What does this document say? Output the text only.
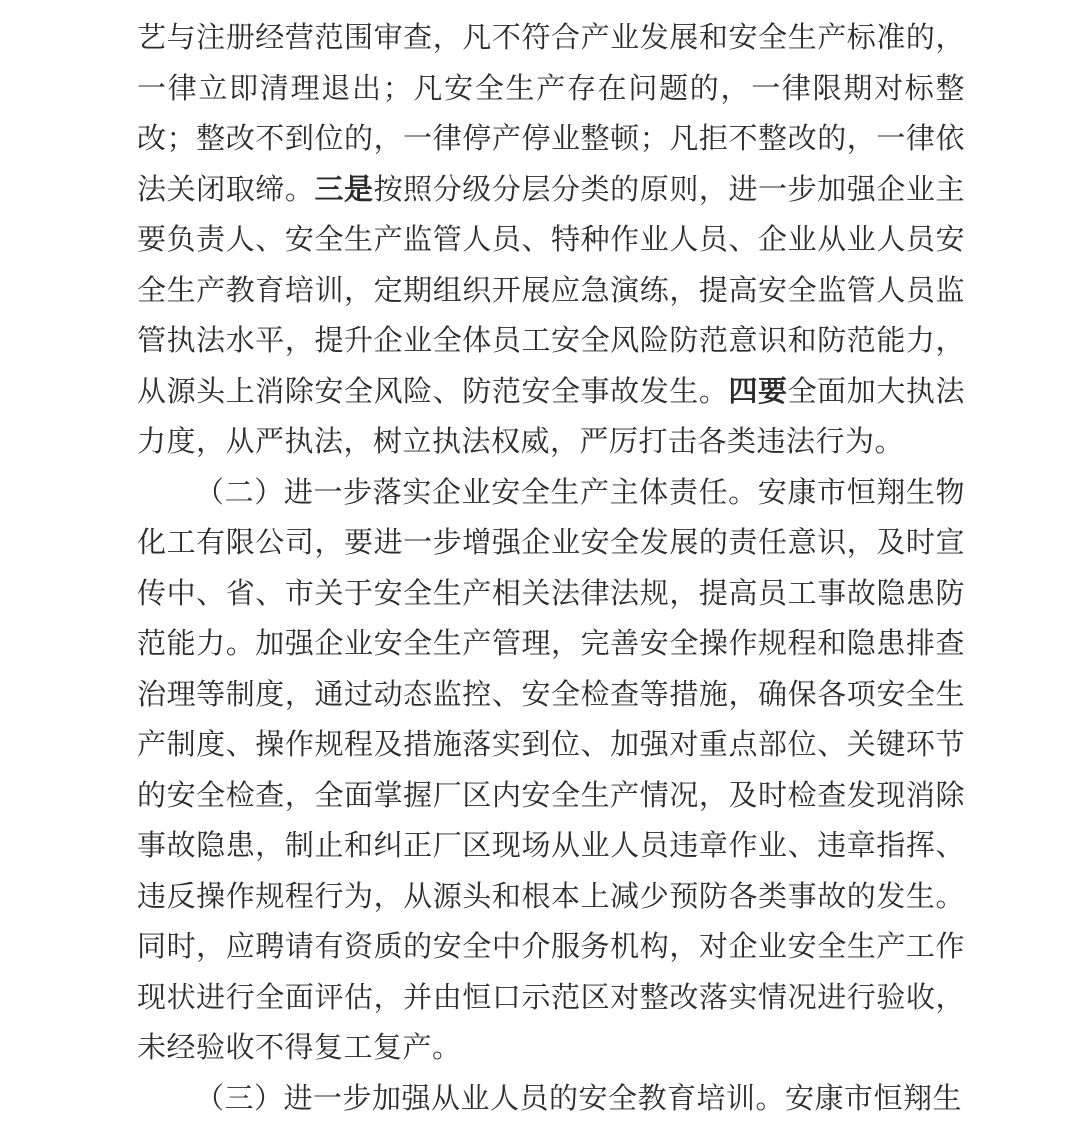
艺与注册经营范围审查，凡不符合产业发展和安全生产标准的，一律立即清理退出；凡安全生产存在问题的，一律限期对标整改；整改不到位的，一律停产停业整顿；凡拒不整改的，一律依法关闭取缔。三是按照分级分层分类的原则，进一步加强企业主要负责人、安全生产监管人员、特种作业人员、企业从业人员安全生产教育培训，定期组织开展应急演练，提高安全监管人员监管执法水平，提升企业全体员工安全风险防范意识和防范能力，从源头上消除安全风险、防范安全事故发生。四要全面加大执法力度，从严执法，树立执法权威，严厉打击各类违法行为。

（二）进一步落实企业安全生产主体责任。安康市恒翔生物化工有限公司，要进一步增强企业安全发展的责任意识，及时宣传中、省、市关于安全生产相关法律法规，提高员工事故隐患防范能力。加强企业安全生产管理，完善安全操作规程和隐患排查治理等制度，通过动态监控、安全检查等措施，确保各项安全生产制度、操作规程及措施落实到位、加强对重点部位、关键环节的安全检查，全面掌握厂区内安全生产情况，及时检查发现消除事故隐患，制止和纠正厂区现场从业人员违章作业、违章指挥、违反操作规程行为，从源头和根本上减少预防各类事故的发生。同时，应聘请有资质的安全中介服务机构，对企业安全生产工作现状进行全面评估，并由恒口示范区对整改落实情况进行验收，未经验收不得复工复产。

（三）进一步加强从业人员的安全教育培训。安康市恒翔生
